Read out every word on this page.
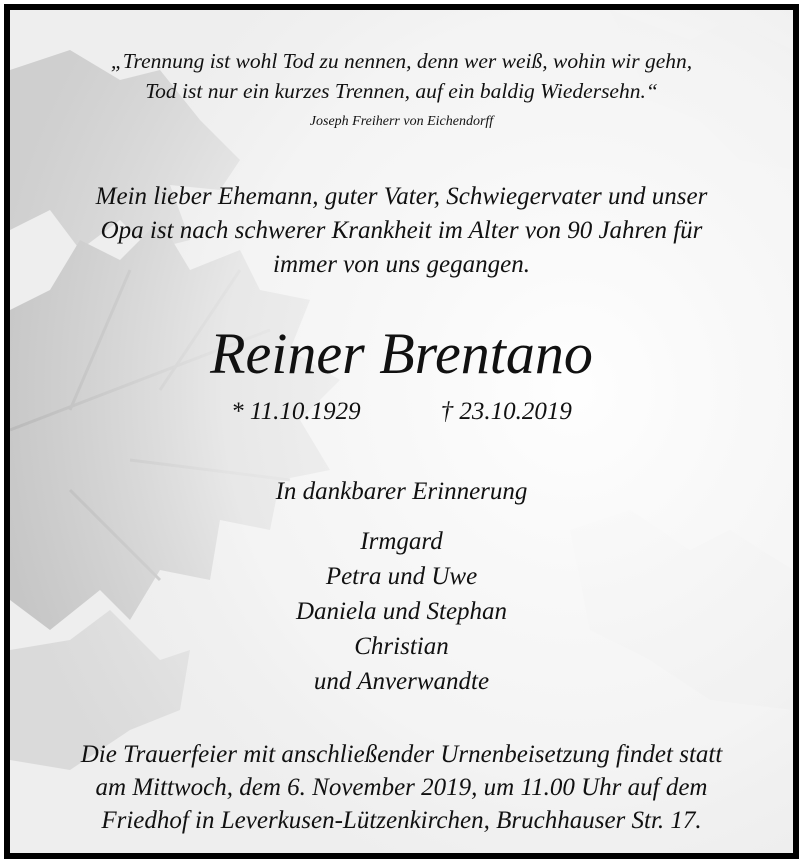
„Trennung ist wohl Tod zu nennen, denn wer weiß, wohin wir gehn,
Tod ist nur ein kurzes Trennen, auf ein baldig Wiedersehn.“
Joseph Freiherr von Eichendorff
Mein lieber Ehemann, guter Vater, Schwiegervater und unser
Opa ist nach schwerer Krankheit im Alter von 90 Jahren für
immer von uns gegangen.
Reiner Brentano
* 11.10.1929	† 23.10.2019
In dankbarer Erinnerung
Irmgard
Petra und Uwe
Daniela und Stephan
Christian
und Anverwandte
Die Trauerfeier mit anschließender Urnenbeisetzung findet statt
am Mittwoch, dem 6. November 2019, um 11.00 Uhr auf dem
Friedhof in Leverkusen-Lützenkirchen, Bruchhauser Str. 17.
